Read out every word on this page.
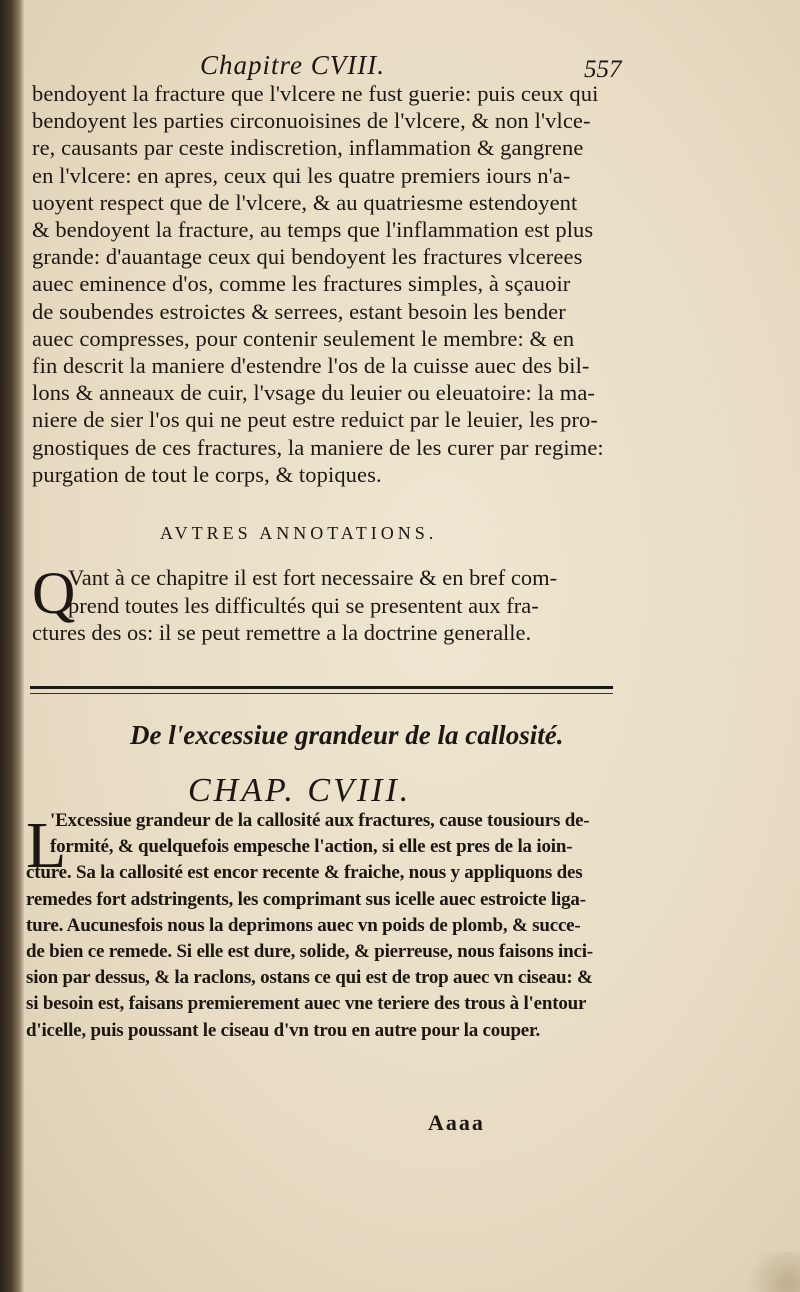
Chapitre CVIII.	557
bendoyent la fracture que l'vlcere ne fust guerie: puis ceux qui
bendoyent les parties circonuoisines de l'vlcere, & non l'vlce-
re, causants par ceste indiscretion, inflammation & gangrene
en l'vlcere: en apres, ceux qui les quatre premiers iours n'a-
uoyent respect que de l'vlcere, & au quatriesme estendoyent
& bendoyent la fracture, au temps que l'inflammation est plus
grande: d'auantage ceux qui bendoyent les fractures vlcerees
auec eminence d'os, comme les fractures simples, à sçauoir
de soubendes estroictes & serrees, estant besoin les bender
auec compresses, pour contenir seulement le membre: & en
fin descrit la maniere d'estendre l'os de la cuisse auec des bil-
lons & anneaux de cuir, l'vsage du leuier ou eleuatoire: la ma-
niere de sier l'os qui ne peut estre reduict par le leuier, les pro-
gnostiques de ces fractures, la maniere de les curer par regime:
purgation de tout le corps, & topiques.
AVTRES ANNOTATIONS.
Q
Vant à ce chapitre il est fort necessaire & en bref com-
prend toutes les difficultés qui se presentent aux fra-
ctures des os: il se peut remettre a la doctrine generalle.
De l'excessiue grandeur de la callosité.
CHAP. CVIII.
L
'Excessiue grandeur de la callosité aux fractures, cause tousiours de-
formité, & quelquefois empesche l'action, si elle est pres de la ioin-
cture. Sa la callosité est encor recente & fraiche, nous y appliquons des
remedes fort adstringents, les comprimant sus icelle auec estroicte liga-
ture. Aucunesfois nous la deprimons auec vn poids de plomb, & succe-
de bien ce remede. Si elle est dure, solide, & pierreuse, nous faisons inci-
sion par dessus, & la raclons, ostans ce qui est de trop auec vn ciseau: &
si besoin est, faisans premierement auec vne teriere des trous à l'entour
d'icelle, puis poussant le ciseau d'vn trou en autre pour la couper.
Aaaa
